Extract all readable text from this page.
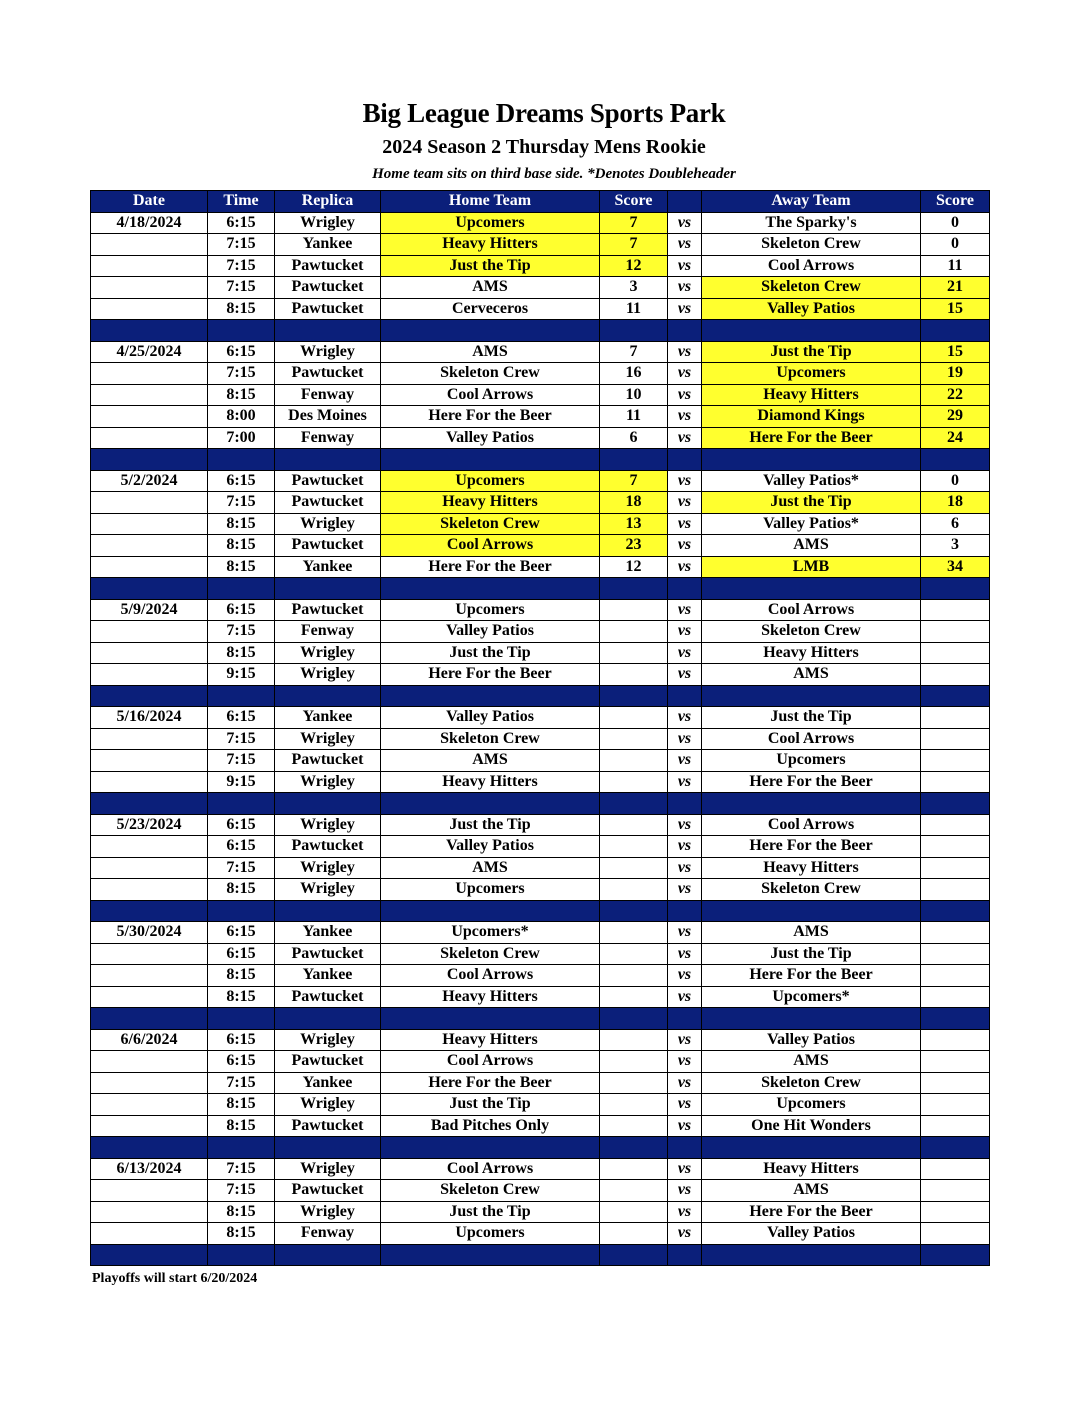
Big League Dreams Sports Park
2024 Season 2 Thursday Mens Rookie
Home team sits on third base side. *Denotes Doubleheader
Date	Time	Replica	Home Team	Score		Away Team	Score
4/18/2024	6:15	Wrigley	Upcomers	7	vs	The Sparky's	0
	7:15	Yankee	Heavy Hitters	7	vs	Skeleton Crew	0
	7:15	Pawtucket	Just the Tip	12	vs	Cool Arrows	11
	7:15	Pawtucket	AMS	3	vs	Skeleton Crew	21
	8:15	Pawtucket	Cerveceros	11	vs	Valley Patios	15

4/25/2024	6:15	Wrigley	AMS	7	vs	Just the Tip	15
	7:15	Pawtucket	Skeleton Crew	16	vs	Upcomers	19
	8:15	Fenway	Cool Arrows	10	vs	Heavy Hitters	22
	8:00	Des Moines	Here For the Beer	11	vs	Diamond Kings	29
	7:00	Fenway	Valley Patios	6	vs	Here For the Beer	24

5/2/2024	6:15	Pawtucket	Upcomers	7	vs	Valley Patios*	0
	7:15	Pawtucket	Heavy Hitters	18	vs	Just the Tip	18
	8:15	Wrigley	Skeleton Crew	13	vs	Valley Patios*	6
	8:15	Pawtucket	Cool Arrows	23	vs	AMS	3
	8:15	Yankee	Here For the Beer	12	vs	LMB	34

5/9/2024	6:15	Pawtucket	Upcomers		vs	Cool Arrows	
	7:15	Fenway	Valley Patios		vs	Skeleton Crew	
	8:15	Wrigley	Just the Tip		vs	Heavy Hitters	
	9:15	Wrigley	Here For the Beer		vs	AMS	

5/16/2024	6:15	Yankee	Valley Patios		vs	Just the Tip	
	7:15	Wrigley	Skeleton Crew		vs	Cool Arrows	
	7:15	Pawtucket	AMS		vs	Upcomers	
	9:15	Wrigley	Heavy Hitters		vs	Here For the Beer	

5/23/2024	6:15	Wrigley	Just the Tip		vs	Cool Arrows	
	6:15	Pawtucket	Valley Patios		vs	Here For the Beer	
	7:15	Wrigley	AMS		vs	Heavy Hitters	
	8:15	Wrigley	Upcomers		vs	Skeleton Crew	

5/30/2024	6:15	Yankee	Upcomers*		vs	AMS	
	6:15	Pawtucket	Skeleton Crew		vs	Just the Tip	
	8:15	Yankee	Cool Arrows		vs	Here For the Beer	
	8:15	Pawtucket	Heavy Hitters		vs	Upcomers*	

6/6/2024	6:15	Wrigley	Heavy Hitters		vs	Valley Patios	
	6:15	Pawtucket	Cool Arrows		vs	AMS	
	7:15	Yankee	Here For the Beer		vs	Skeleton Crew	
	8:15	Wrigley	Just the Tip		vs	Upcomers	
	8:15	Pawtucket	Bad Pitches Only		vs	One Hit Wonders	

6/13/2024	7:15	Wrigley	Cool Arrows		vs	Heavy Hitters	
	7:15	Pawtucket	Skeleton Crew		vs	AMS	
	8:15	Wrigley	Just the Tip		vs	Here For the Beer	
	8:15	Fenway	Upcomers		vs	Valley Patios	

Playoffs will start 6/20/2024
